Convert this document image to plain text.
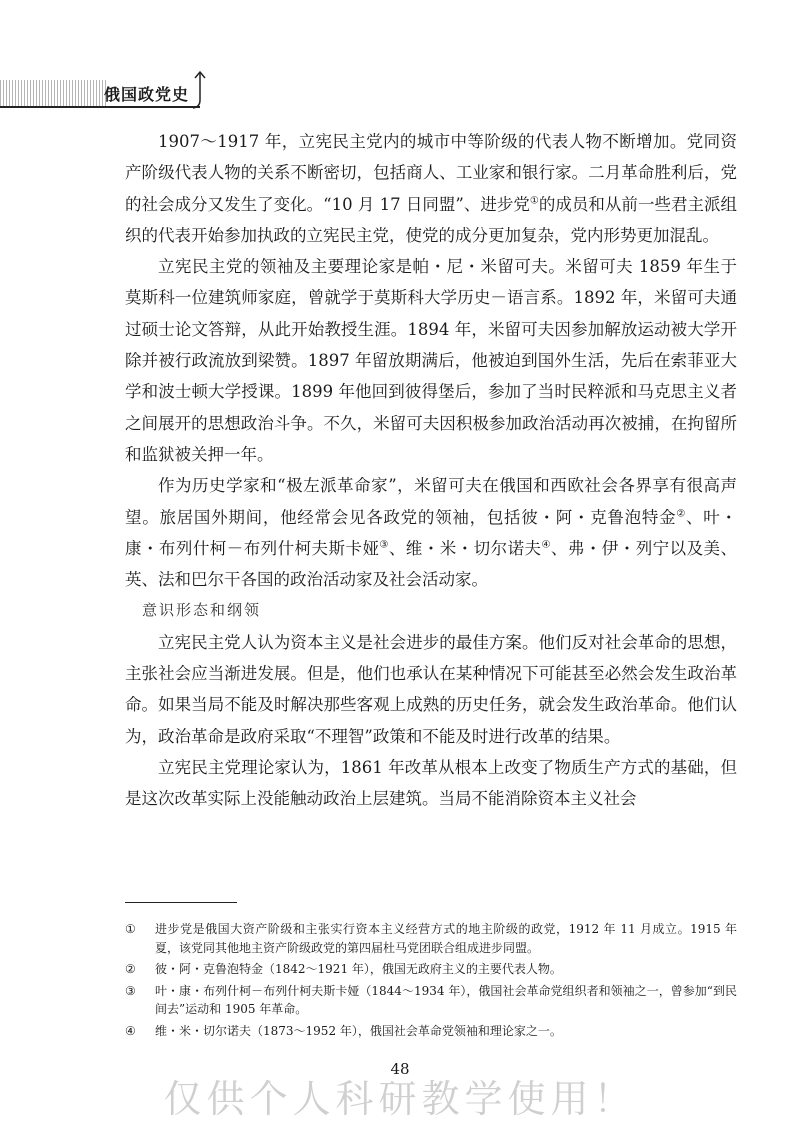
俄国政党史

1907～1917 年，立宪民主党内的城市中等阶级的代表人物不断增加。党同资产阶级代表人物的关系不断密切，包括商人、工业家和银行家。二月革命胜利后，党的社会成分又发生了变化。“10 月 17 日同盟”、进步党①的成员和从前一些君主派组织的代表开始参加执政的立宪民主党，使党的成分更加复杂，党内形势更加混乱。

立宪民主党的领袖及主要理论家是帕・尼・米留可夫。米留可夫 1859 年生于莫斯科一位建筑师家庭，曾就学于莫斯科大学历史－语言系。1892 年，米留可夫通过硕士论文答辩，从此开始教授生涯。1894 年，米留可夫因参加解放运动被大学开除并被行政流放到梁赞。1897 年留放期满后，他被迫到国外生活，先后在索菲亚大学和波士顿大学授课。1899 年他回到彼得堡后，参加了当时民粹派和马克思主义者之间展开的思想政治斗争。不久，米留可夫因积极参加政治活动再次被捕，在拘留所和监狱被关押一年。

作为历史学家和“极左派革命家”，米留可夫在俄国和西欧社会各界享有很高声望。旅居国外期间，他经常会见各政党的领袖，包括彼・阿・克鲁泡特金②、叶・康・布列什柯－布列什柯夫斯卡娅③、维・米・切尔诺夫④、弗・伊・列宁以及美、英、法和巴尔干各国的政治活动家及社会活动家。

意识形态和纲领

立宪民主党人认为资本主义是社会进步的最佳方案。他们反对社会革命的思想，主张社会应当渐进发展。但是，他们也承认在某种情况下可能甚至必然会发生政治革命。如果当局不能及时解决那些客观上成熟的历史任务，就会发生政治革命。他们认为，政治革命是政府采取“不理智”政策和不能及时进行改革的结果。

立宪民主党理论家认为，1861 年改革从根本上改变了物质生产方式的基础，但是这次改革实际上没能触动政治上层建筑。当局不能消除资本主义社会

①	进步党是俄国大资产阶级和主张实行资本主义经营方式的地主阶级的政党，1912 年 11 月成立。1915 年夏，该党同其他地主资产阶级政党的第四届杜马党团联合组成进步同盟。
②	彼・阿・克鲁泡特金（1842～1921 年），俄国无政府主义的主要代表人物。
③	叶・康・布列什柯－布列什柯夫斯卡娅（1844～1934 年），俄国社会革命党组织者和领袖之一，曾参加“到民间去”运动和 1905 年革命。
④	维・米・切尔诺夫（1873～1952 年），俄国社会革命党领袖和理论家之一。
48
仅供个人科研教学使用！
